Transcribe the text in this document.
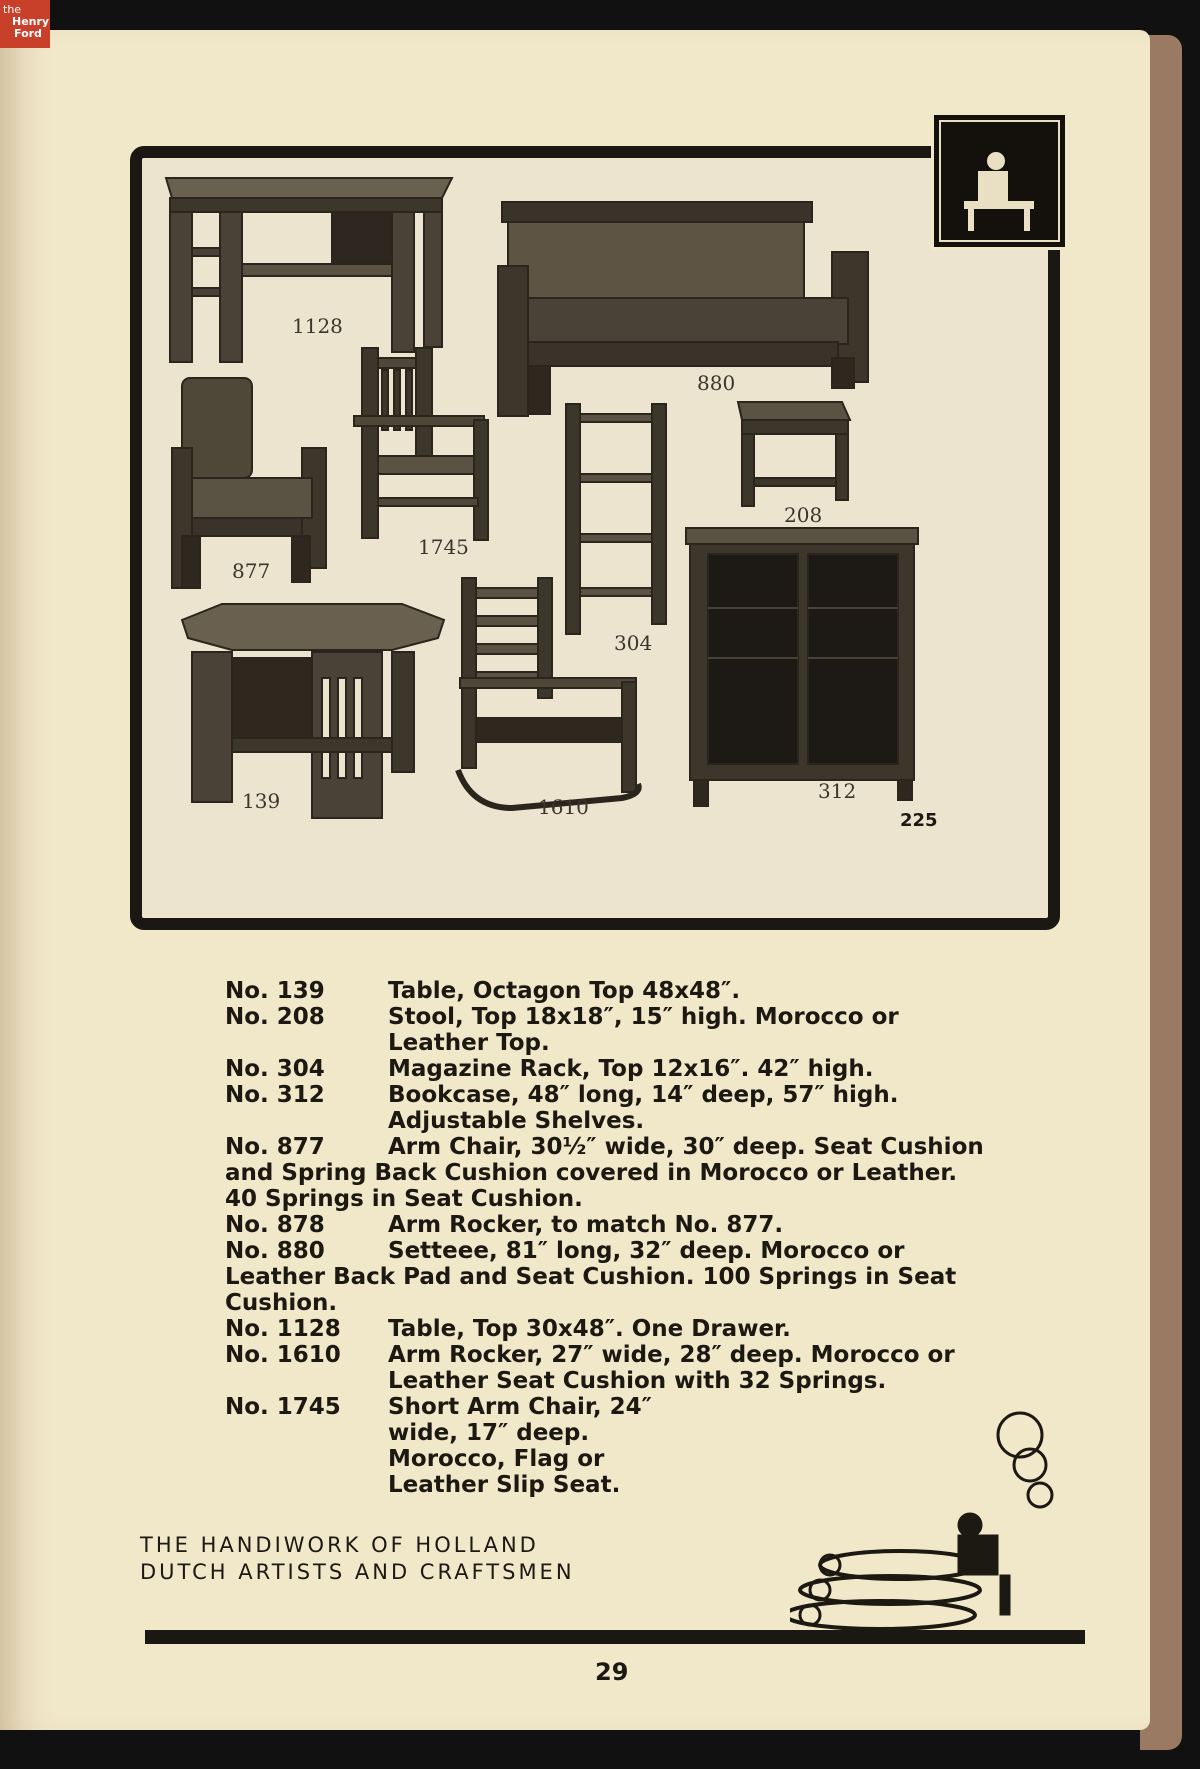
1128
880
877
1745
304
208
312
139	1610
225

No. 139	Table, Octagon Top 48x48″.

No. 208	Stool, Top 18x18″, 15″ high. Morocco or Leather Top.

No. 304	Magazine Rack, Top 12x16″. 42″ high.

No. 312	Bookcase, 48″ long, 14″ deep, 57″ high. Adjustable Shelves.

No. 877	Arm Chair, 30½″ wide, 30″ deep. Seat Cushion and Spring Back Cushion covered in Morocco or Leather. 40 Springs in Seat Cushion.

No. 878	Arm Rocker, to match No. 877.

No. 880	Setteee, 81″ long, 32″ deep. Morocco or Leather Back Pad and Seat Cushion. 100 Springs in Seat Cushion.

No. 1128	Table, Top 30x48″. One Drawer.

No. 1610	Arm Rocker, 27″ wide, 28″ deep. Morocco or Leather Seat Cushion with 32 Springs.

No. 1745	Short Arm Chair, 24″ wide, 17″ deep. Morocco, Flag or Leather Slip Seat.

THE HANDIWORK OF HOLLAND
DUTCH ARTISTS AND CRAFTSMEN
29
the
Henry
Ford
